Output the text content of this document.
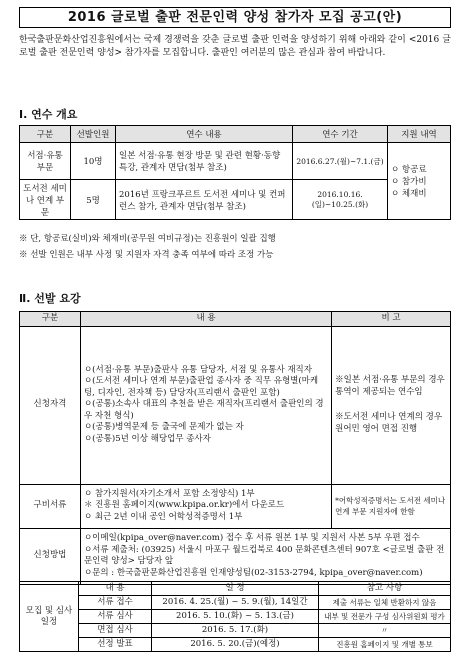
2016 글로벌 출판 전문인력 양성 참가자 모집 공고(안)
한국출판문화산업진흥원에서는 국제 경쟁력을 갖춘 글로벌 출판 인력을 양성하기 위해 아래와 같이 <2016 글로벌 출판 전문인력 양성> 참가자를 모집합니다. 출판인 여러분의 많은 관심과 참여 바랍니다.
Ⅰ. 연수 개요
구분	선발인원	연수 내용	연수 기간	지원 내역
서점·유통 부문	10명	일본 서점·유통 현장 방문 및 관련 현황·동향 특강, 관계자 면담(첨부 참조)	2016.6.27.(월)~7.1.(금)	ㅇ 항공료
ㅇ 참가비
ㅇ 체재비

도서전 세미나 연계 부문	5명	2016년 프랑크푸르트 도서전 세미나 및 컨퍼런스 참가, 관계자 면담(첨부 참조)	2016.10.16.(일)~10.25.(화)	
※ 단, 항공료(실비)와 체재비(공무원 여비규정)는 진흥원이 일괄 집행
※ 선발 인원은 내부 사정 및 지원자 자격 충족 여부에 따라 조정 가능
Ⅱ. 선발 요강
구분	내 용	비 고
신청자격	ㅇ(서점·유통 부문)출판사 유통 담당자, 서점 및 유통사 재직자
ㅇ(도서전 세미나 연계 부문)출판업 종사자 중 직무 유형별(마케팅, 디자인, 전자책 등) 담당자(프리랜서 출판인 포함)
ㅇ(공통)소속사 대표의 추천을 받은 재직자(프리랜서 출판인의 경우 자천 형식)
ㅇ(공통)병역문제 등 출국에 문제가 없는 자
ㅇ(공통)5년 이상 해당업무 종사자	※일본 서점·유통 부문의 경우 통역이 제공되는 연수임
※도서전 세미나 연계의 경우 원어민 영어 면접 진행

구비서류	ㅇ 참가지원서(자기소개서 포함 소정양식) 1부
＊ 진흥원 홈페이지(www.kpipa.or.kr)에서 다운로드
ㅇ 최근 2년 이내 공인 어학성적증명서 1부	*어학성적증명서는 도서전 세미나 연계 부문 지원자에 한함
신청방법	ㅇ이메일(kpipa_over@naver.com) 접수 후 서류 원본 1부 및 지원서 사본 5부 우편 접수
ㅇ서류 제출처: (03925) 서울시 마포구 월드컵북로 400 문화콘텐츠센터 907호 <글로벌 출판 전문인력 양성> 담당자 앞
ㅇ문의 : 한국출판문화산업진흥원 인재양성팀(02-3153-2794, kpipa_over@naver.com)	
모집 및 심사일정	내 용	일 정	참고 사항
	서류 접수	2016. 4. 25.(월) ~ 5. 9.(월), 14일간	제출 서류는 일체 반환하지 않음
	서류 심사	2016. 5. 10.(화) ~ 5. 13.(금)	내부 및 전문가 구성 심사위원회 평가
	면접 심사	2016. 5. 17.(화)	〃
	선정 발표	2016. 5. 20.(금)(예정)	진흥원 홈페이지 및 개별 통보
